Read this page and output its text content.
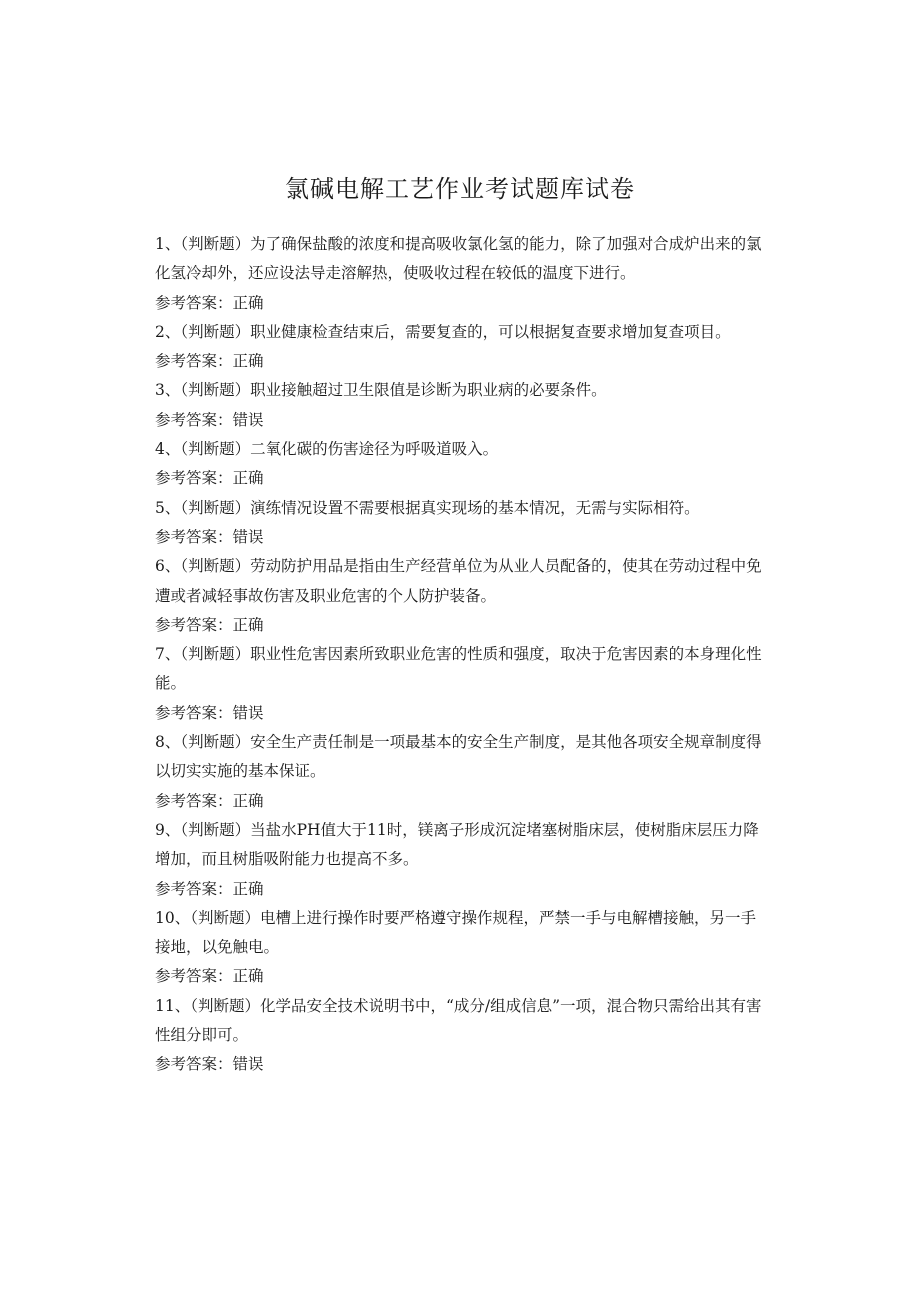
氯碱电解工艺作业考试题库试卷

1、（判断题）为了确保盐酸的浓度和提高吸收氯化氢的能力，除了加强对合成炉出来的氯化氢冷却外，还应设法导走溶解热，使吸收过程在较低的温度下进行。

参考答案：正确

2、（判断题）职业健康检查结束后，需要复查的，可以根据复查要求增加复查项目。

参考答案：正确

3、（判断题）职业接触超过卫生限值是诊断为职业病的必要条件。

参考答案：错误

4、（判断题）二氧化碳的伤害途径为呼吸道吸入。

参考答案：正确

5、（判断题）演练情况设置不需要根据真实现场的基本情况，无需与实际相符。

参考答案：错误

6、（判断题）劳动防护用品是指由生产经营单位为从业人员配备的，使其在劳动过程中免遭或者减轻事故伤害及职业危害的个人防护装备。

参考答案：正确

7、（判断题）职业性危害因素所致职业危害的性质和强度，取决于危害因素的本身理化性能。

参考答案：错误

8、（判断题）安全生产责任制是一项最基本的安全生产制度，是其他各项安全规章制度得以切实实施的基本保证。

参考答案：正确

9、（判断题）当盐水PH值大于11时，镁离子形成沉淀堵塞树脂床层，使树脂床层压力降增加，而且树脂吸附能力也提高不多。

参考答案：正确

10、（判断题）电槽上进行操作时要严格遵守操作规程，严禁一手与电解槽接触，另一手接地，以免触电。

参考答案：正确

11、（判断题）化学品安全技术说明书中，“成分/组成信息”一项，混合物只需给出其有害性组分即可。

参考答案：错误
